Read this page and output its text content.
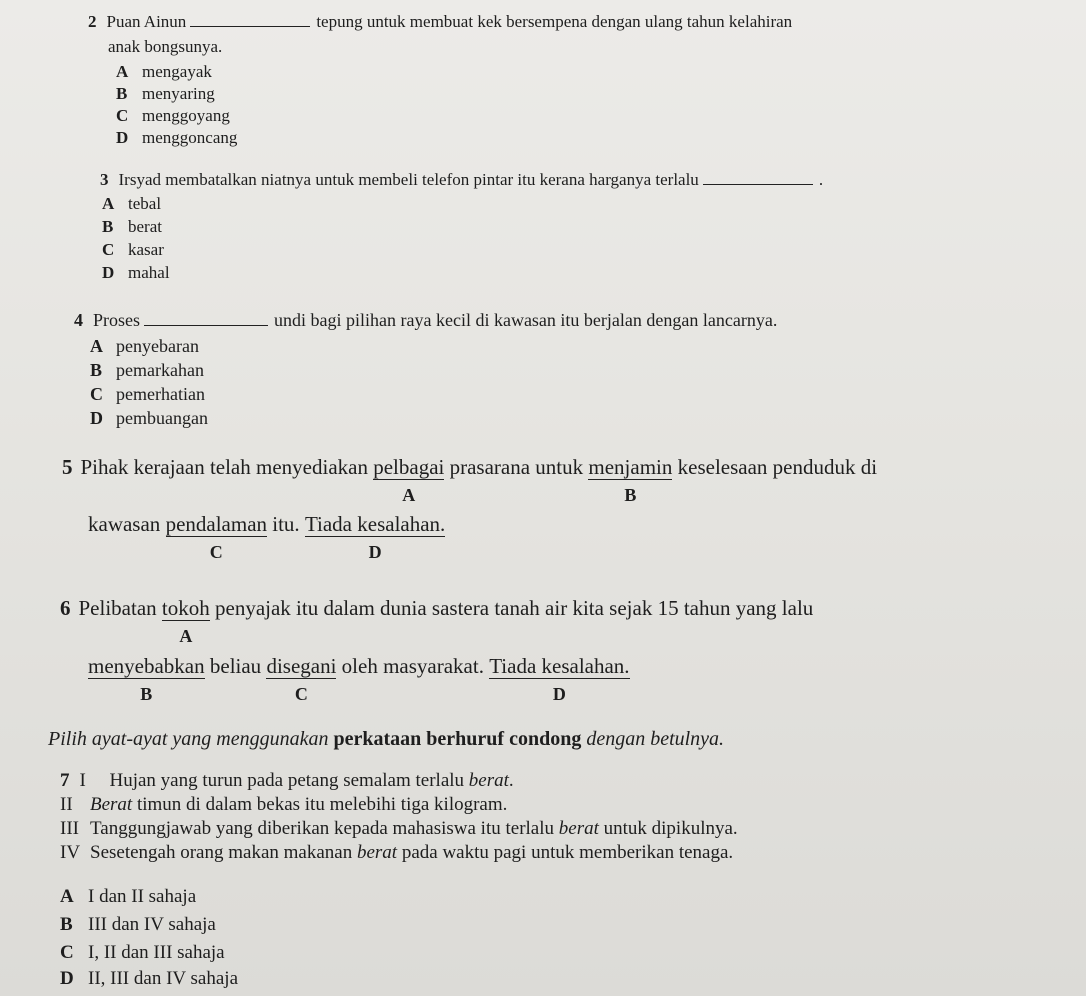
2 Puan Ainun	tepung untuk membuat kek bersempena dengan ulang tahun kelahiran
anak bongsunya.
A mengayak
B menyaring
C menggoyang
D menggoncang
3 Irsyad membatalkan niatnya untuk membeli telefon pintar itu kerana harganya terlalu	.
A tebal
B berat
C kasar
D mahal
4 Proses	undi bagi pilihan raya kecil di kawasan itu berjalan dengan lancarnya.
A penyebaran
B pemarkahan
C pemerhatian
D pembuangan
5 Pihak kerajaan telah menyediakan pelbagai
A
prasarana untuk menjamin
B
keselesaan penduduk di
kawasan pendalaman
C
itu. Tiada kesalahan.
D
6 Pelibatan tokoh
A
penyajak itu dalam dunia sastera tanah air kita sejak 15 tahun yang lalu
menyebabkan
B
beliau disegani
C
oleh masyarakat. Tiada kesalahan.
D
Pilih ayat-ayat yang menggunakan perkataan berhuruf condong dengan betulnya.
7 I Hujan yang turun pada petang semalam terlalu berat.
II Berat timun di dalam bekas itu melebihi tiga kilogram.
III Tanggungjawab yang diberikan kepada mahasiswa itu terlalu berat untuk dipikulnya.
IV Sesetengah orang makan makanan berat pada waktu pagi untuk memberikan tenaga.
A I dan II sahaja
B III dan IV sahaja
C I, II dan III sahaja
D II, III dan IV sahaja
